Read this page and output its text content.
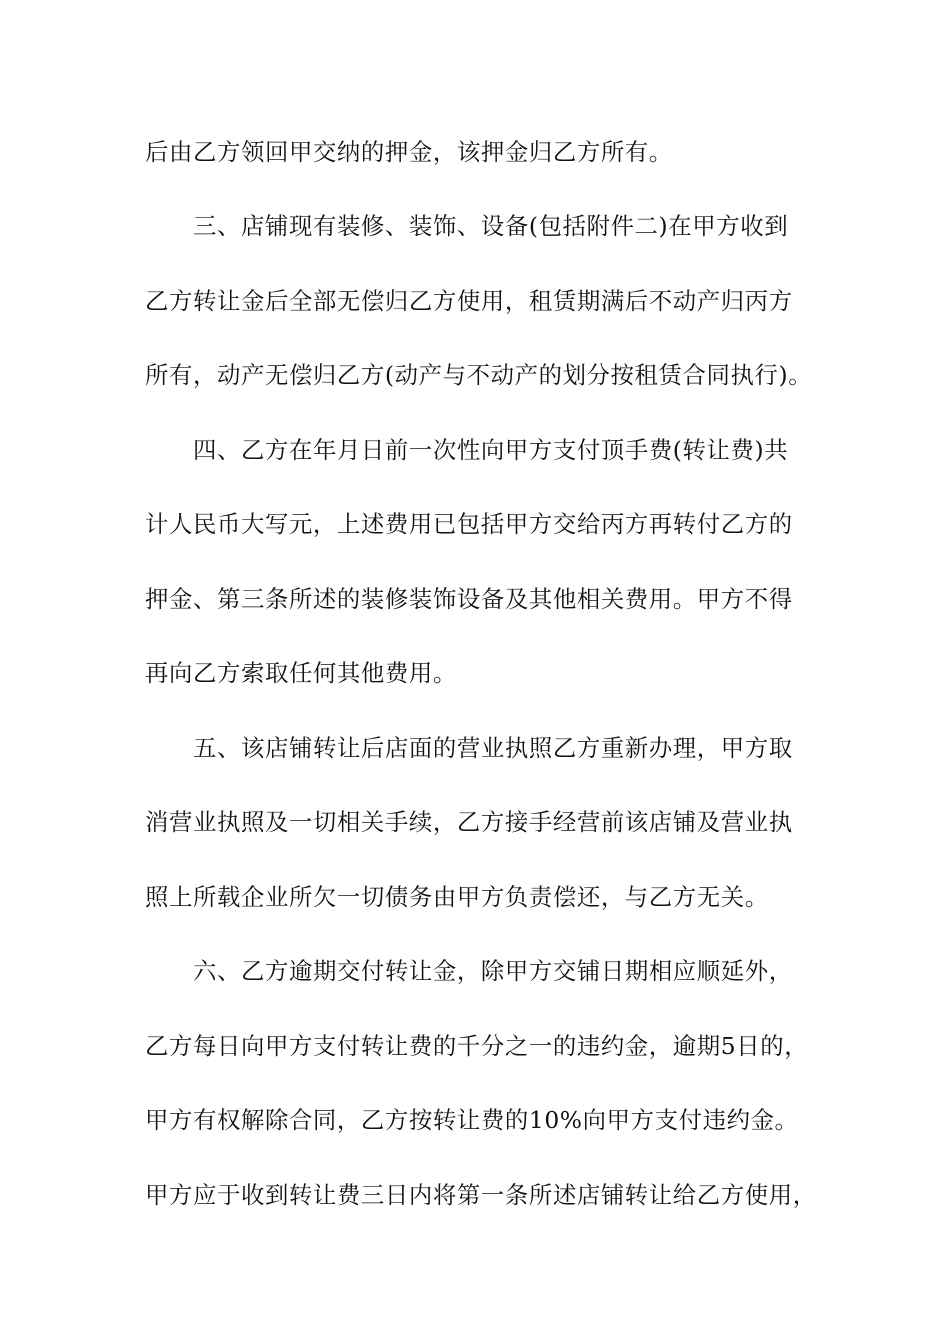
后由乙方领回甲交纳的押金，该押金归乙方所有。
三、店铺现有装修、装饰、设备(包括附件二)在甲方收到
乙方转让金后全部无偿归乙方使用，租赁期满后不动产归丙方
所有，动产无偿归乙方(动产与不动产的划分按租赁合同执行)。
四、乙方在年月日前一次性向甲方支付顶手费(转让费)共
计人民币大写元，上述费用已包括甲方交给丙方再转付乙方的
押金、第三条所述的装修装饰设备及其他相关费用。甲方不得
再向乙方索取任何其他费用。
五、该店铺转让后店面的营业执照乙方重新办理，甲方取
消营业执照及一切相关手续，乙方接手经营前该店铺及营业执
照上所载企业所欠一切债务由甲方负责偿还，与乙方无关。
六、乙方逾期交付转让金，除甲方交铺日期相应顺延外，
乙方每日向甲方支付转让费的千分之一的违约金，逾期5日的，
甲方有权解除合同，乙方按转让费的10%向甲方支付违约金。
甲方应于收到转让费三日内将第一条所述店铺转让给乙方使用，
